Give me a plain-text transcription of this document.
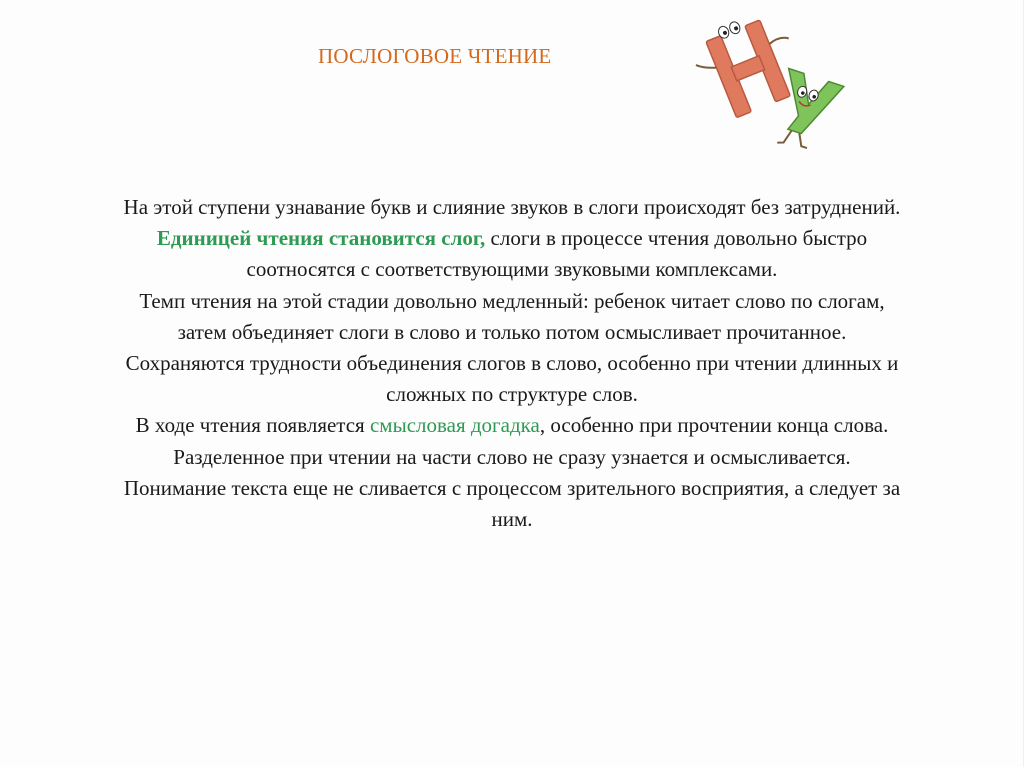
ПОСЛОГОВОЕ ЧТЕНИЕ

На этой ступени узнавание букв и слияние звуков в слоги происходят без затруднений.

Единицей чтения становится слог, слоги в процессе чтения довольно быстро соотносятся с соответствующими звуковыми комплексами.

Темп чтения на этой стадии довольно медленный: ребенок читает слово по слогам, затем объединяет слоги в слово и только потом осмысливает прочитанное.

Сохраняются трудности объединения слогов в слово, особенно при чтении длинных и сложных по структуре слов.

В ходе чтения появляется смысловая догадка, особенно при прочтении конца слова. Разделенное при чтении на части слово не сразу узнается и осмысливается. Понимание текста еще не сливается с процессом зрительного восприятия, а следует за ним.
